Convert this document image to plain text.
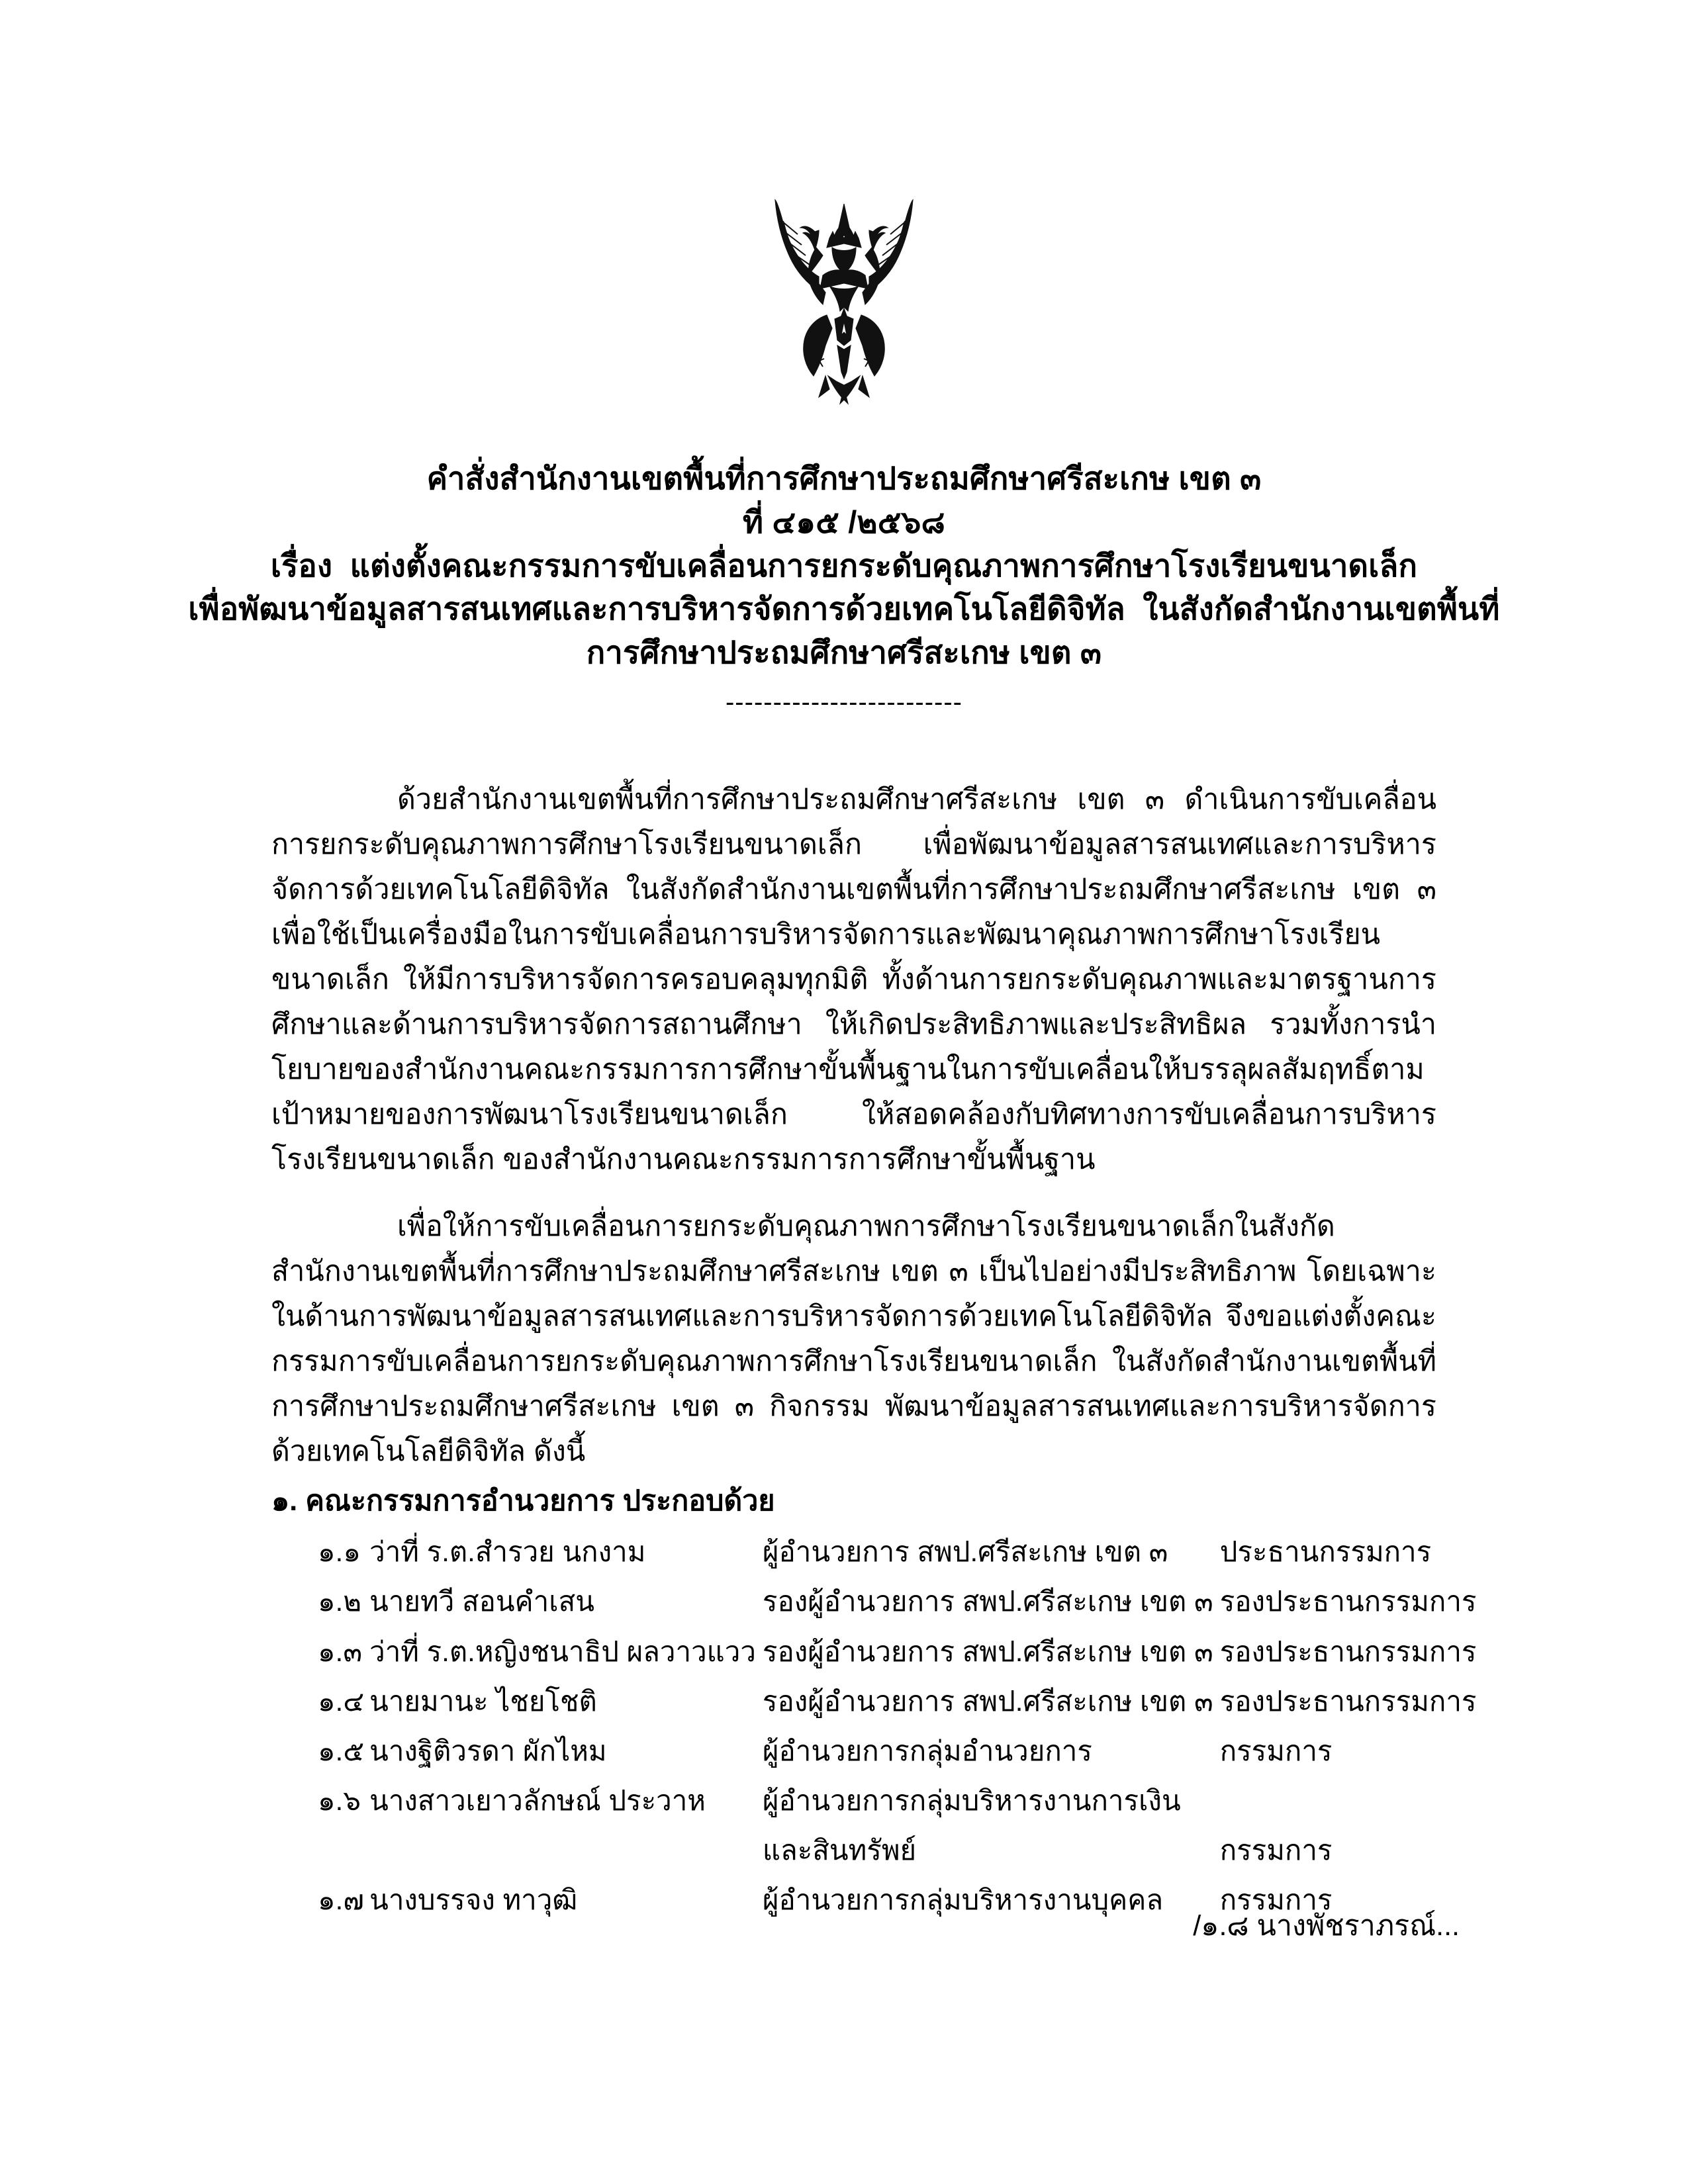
คำสั่งสำนักงานเขตพื้นที่การศึกษาประถมศึกษาศรีสะเกษ เขต ๓
ที่ ๔๑๕ /๒๕๖๘
เรื่อง  แต่งตั้งคณะกรรมการขับเคลื่อนการยกระดับคุณภาพการศึกษาโรงเรียนขนาดเล็ก
เพื่อพัฒนาข้อมูลสารสนเทศและการบริหารจัดการด้วยเทคโนโลยีดิจิทัล  ในสังกัดสำนักงานเขตพื้นที่
การศึกษาประถมศึกษาศรีสะเกษ เขต ๓
-------------------------

ด้วยสำนักงานเขตพื้นที่การศึกษาประถมศึกษาศรีสะเกษ เขต ๓ ดำเนินการขับเคลื่อนการยกระดับคุณภาพการศึกษาโรงเรียนขนาดเล็ก เพื่อพัฒนาข้อมูลสารสนเทศและการบริหารจัดการด้วยเทคโนโลยีดิจิทัล ในสังกัดสำนักงานเขตพื้นที่การศึกษาประถมศึกษาศรีสะเกษ เขต ๓ เพื่อใช้เป็นเครื่องมือในการขับเคลื่อนการบริหารจัดการและพัฒนาคุณภาพการศึกษาโรงเรียนขนาดเล็ก ให้มีการบริหารจัดการครอบคลุมทุกมิติ ทั้งด้านการยกระดับคุณภาพและมาตรฐานการศึกษาและด้านการบริหารจัดการสถานศึกษา ให้เกิดประสิทธิภาพและประสิทธิผล รวมทั้งการนำโยบายของสำนักงานคณะกรรมการการศึกษาขั้นพื้นฐานในการขับเคลื่อนให้บรรลุผลสัมฤทธิ์ตามเป้าหมายของการพัฒนาโรงเรียนขนาดเล็ก ให้สอดคล้องกับทิศทางการขับเคลื่อนการบริหารโรงเรียนขนาดเล็ก ของสำนักงานคณะกรรมการการศึกษาขั้นพื้นฐาน

เพื่อให้การขับเคลื่อนการยกระดับคุณภาพการศึกษาโรงเรียนขนาดเล็กในสังกัดสำนักงานเขตพื้นที่การศึกษาประถมศึกษาศรีสะเกษ เขต ๓ เป็นไปอย่างมีประสิทธิภาพ โดยเฉพาะในด้านการพัฒนาข้อมูลสารสนเทศและการบริหารจัดการด้วยเทคโนโลยีดิจิทัล จึงขอแต่งตั้งคณะกรรมการขับเคลื่อนการยกระดับคุณภาพการศึกษาโรงเรียนขนาดเล็ก ในสังกัดสำนักงานเขตพื้นที่การศึกษาประถมศึกษาศรีสะเกษ เขต ๓ กิจกรรม พัฒนาข้อมูลสารสนเทศและการบริหารจัดการด้วยเทคโนโลยีดิจิทัล ดังนี้

๑. คณะกรรมการอำนวยการ ประกอบด้วย
๑.๑	ว่าที่ ร.ต.สำรวย นกงาม	ผู้อำนวยการ สพป.ศรีสะเกษ เขต ๓	ประธานกรรมการ
๑.๒	นายทวี สอนคำเสน	รองผู้อำนวยการ สพป.ศรีสะเกษ เขต ๓	รองประธานกรรมการ
๑.๓	ว่าที่ ร.ต.หญิงชนาธิป ผลวาวแวว	รองผู้อำนวยการ สพป.ศรีสะเกษ เขต ๓	รองประธานกรรมการ
๑.๔	นายมานะ ไชยโชติ	รองผู้อำนวยการ สพป.ศรีสะเกษ เขต ๓	รองประธานกรรมการ
๑.๕	นางฐิติวรดา ผักไหม	ผู้อำนวยการกลุ่มอำนวยการ	กรรมการ
๑.๖	นางสาวเยาวลักษณ์ ประวาห	ผู้อำนวยการกลุ่มบริหารงานการเงิน	
		และสินทรัพย์	กรรมการ
๑.๗	นางบรรจง ทาวุฒิ	ผู้อำนวยการกลุ่มบริหารงานบุคคล	กรรมการ
/๑.๘ นางพัชราภรณ์...
